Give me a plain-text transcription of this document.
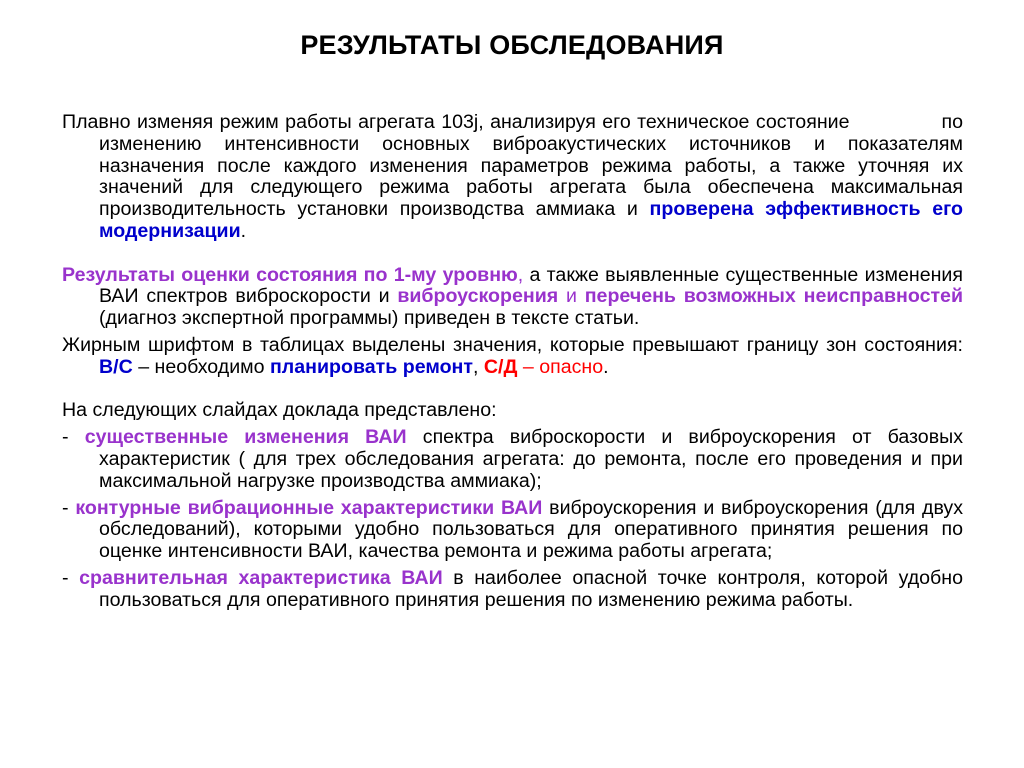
РЕЗУЛЬТАТЫ ОБСЛЕДОВАНИЯ

Плавно изменяя режим работы агрегата 103j, анализируя его техническое состояние	по изменению интенсивности основных виброакустических источников и показателям назначения после каждого изменения параметров режима работы, а также уточняя их значений для следующего режима работы агрегата была обеспечена максимальная производительность установки производства аммиака и проверена эффективность его модернизации.

Результаты оценки состояния по 1-му уровню, а также выявленные существенные изменения ВАИ спектров виброскорости и виброускорения и перечень возможных неисправностей (диагноз экспертной программы) приведен в тексте статьи.

Жирным шрифтом в таблицах выделены значения, которые превышают границу зон состояния: В/С – необходимо планировать ремонт, С/Д – опасно.

На следующих слайдах доклада представлено:

- существенные изменения ВАИ спектра виброскорости и виброускорения от базовых характеристик ( для трех обследования агрегата: до ремонта, после его проведения и при максимальной нагрузке производства аммиака);

- контурные вибрационные характеристики ВАИ виброускорения и виброускорения (для двух обследований), которыми удобно пользоваться для оперативного принятия решения по оценке интенсивности ВАИ, качества ремонта и режима работы агрегата;

- сравнительная характеристика ВАИ в наиболее опасной точке контроля, которой удобно пользоваться для оперативного принятия решения по изменению режима работы.
